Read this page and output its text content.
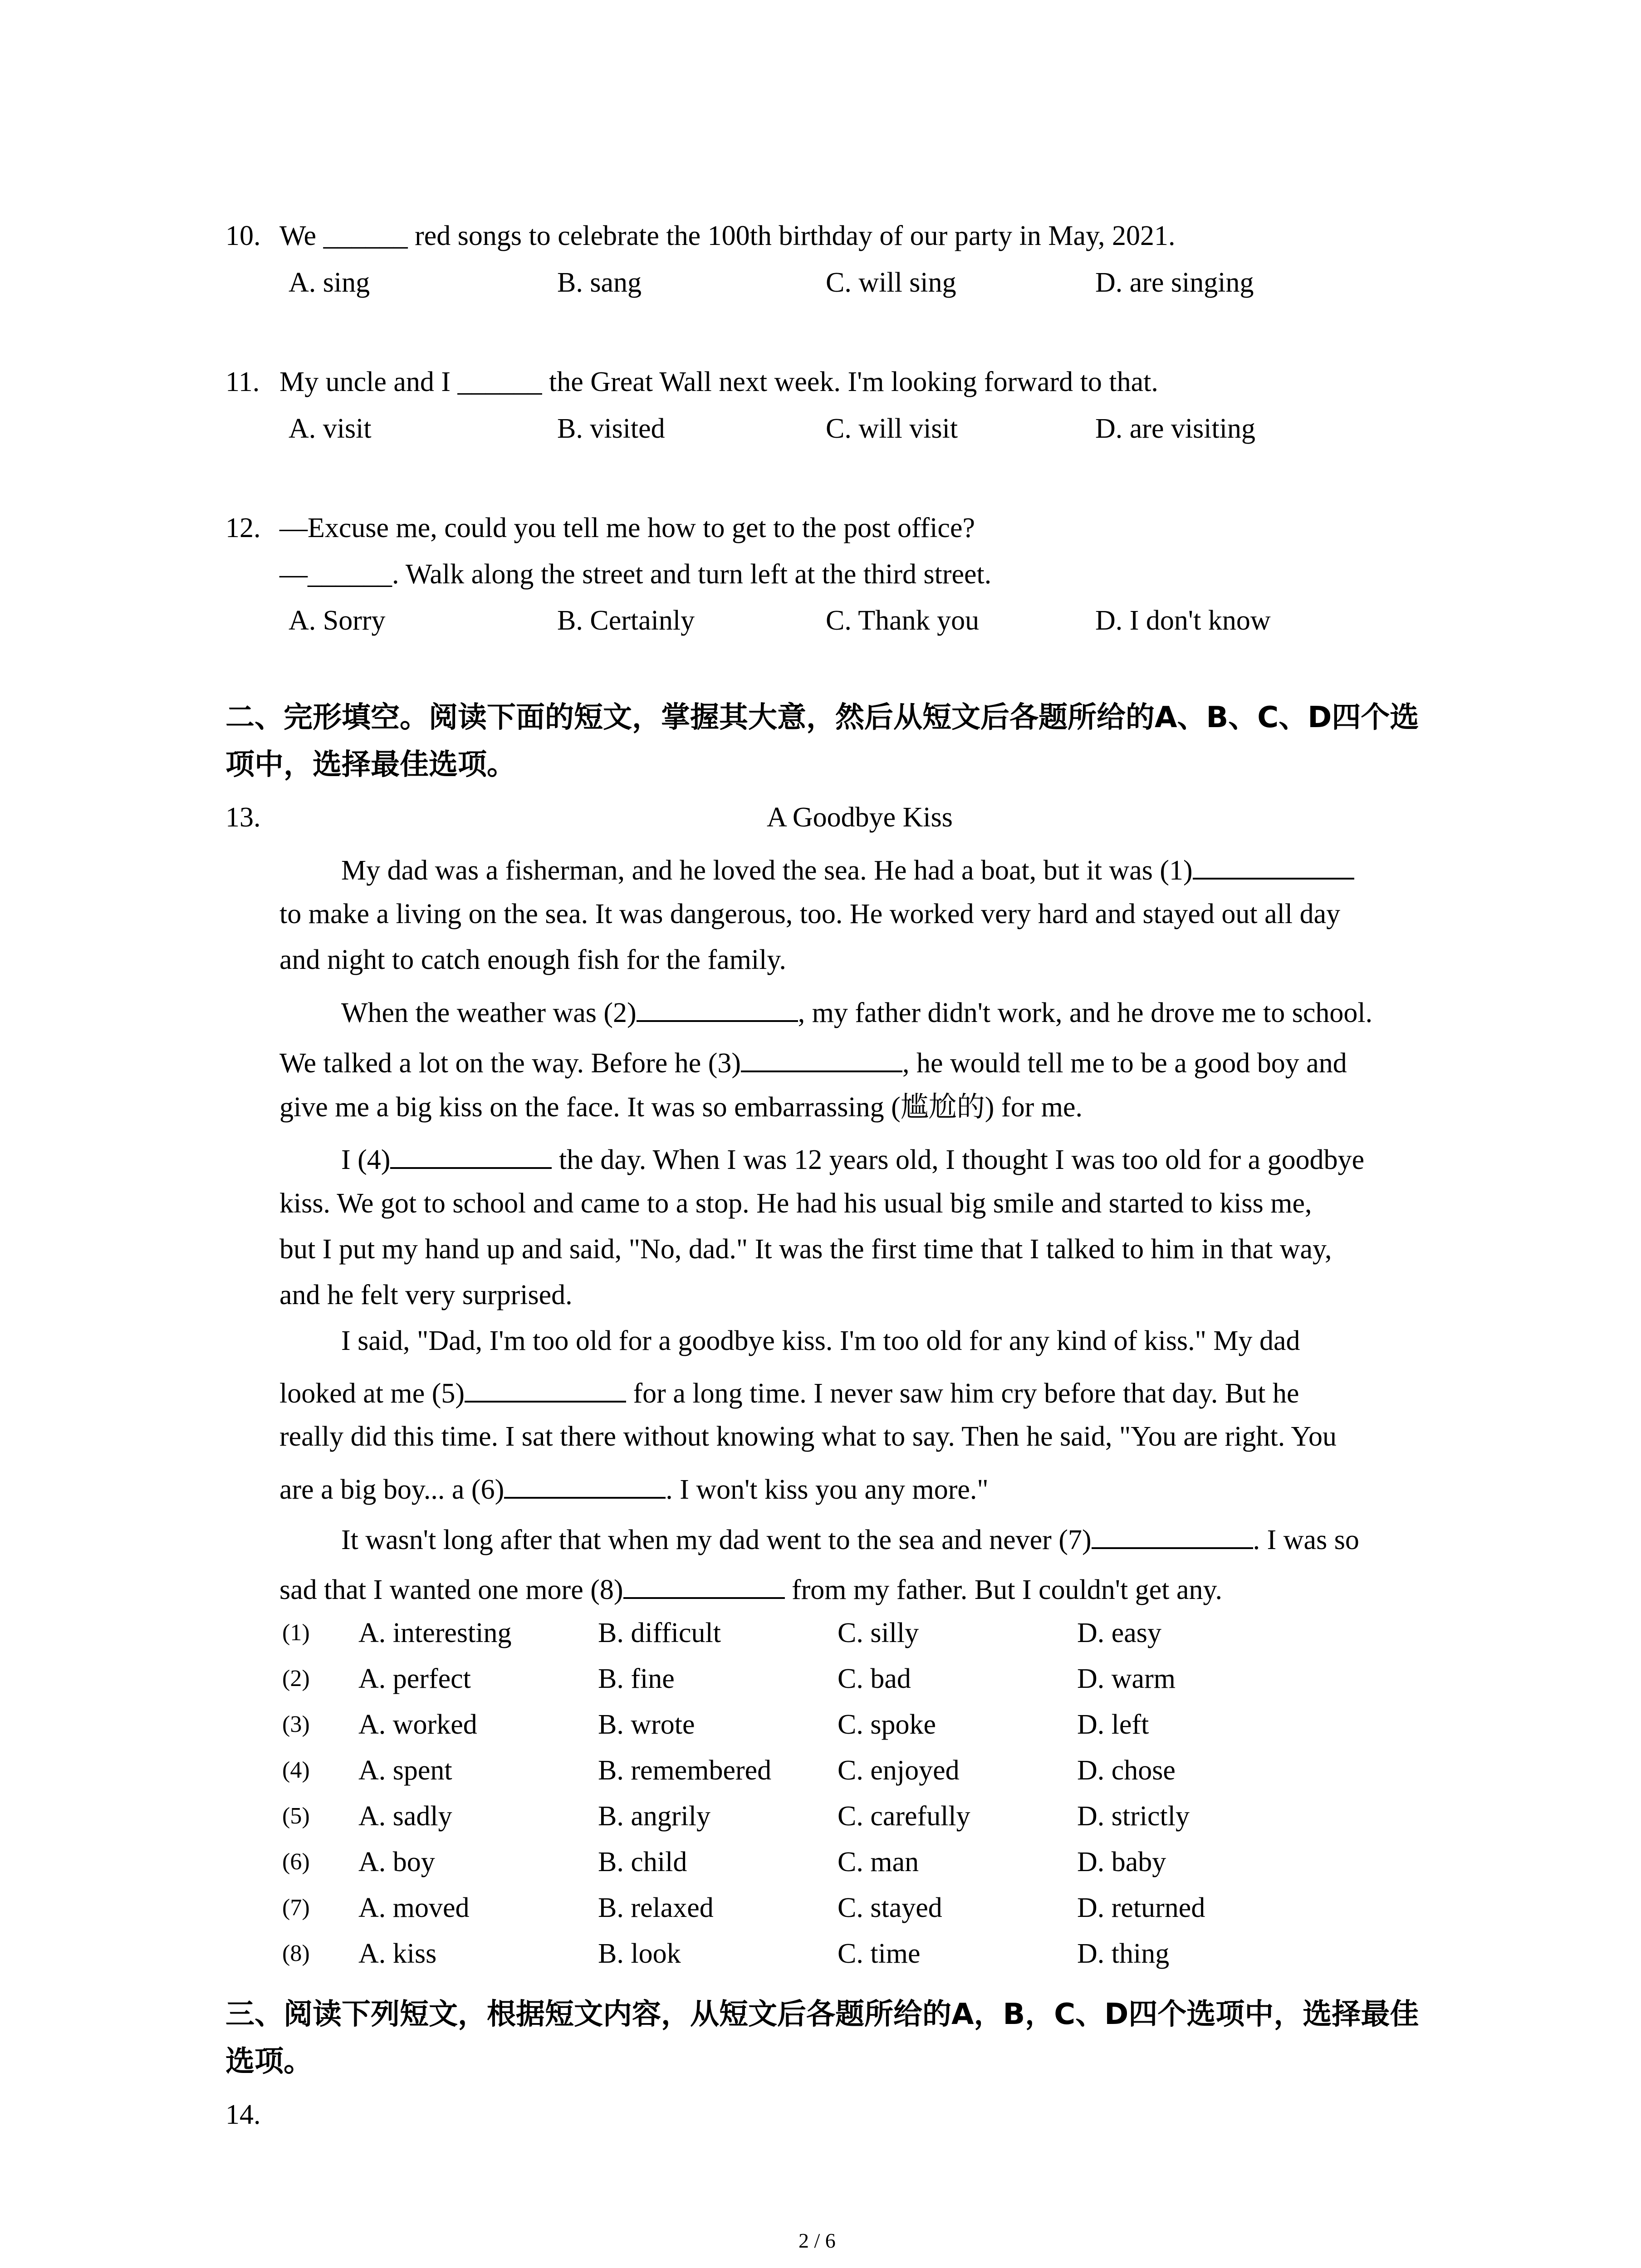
10. We ______ red songs to celebrate the 100th birthday of our party in May, 2021.
A. sing	B. sang	C. will sing	D. are singing
11. My uncle and I ______ the Great Wall next week. I'm looking forward to that.
A. visit	B. visited	C. will visit	D. are visiting
12. —Excuse me, could you tell me how to get to the post office?
—______. Walk along the street and turn left at the third street.
A. Sorry	B. Certainly	C. Thank you	D. I don't know
二、完形填空。阅读下面的短文，掌握其大意，然后从短文后各题所给的A、B、C、D四个选
项中，选择最佳选项。
13.	A Goodbye Kiss
My dad was a fisherman, and he loved the sea. He had a boat, but it was (1)
to make a living on the sea. It was dangerous, too. He worked very hard and stayed out all day
and night to catch enough fish for the family.
When the weather was (2)	, my father didn't work, and he drove me to school.
We talked a lot on the way. Before he (3)	, he would tell me to be a good boy and
give me a big kiss on the face. It was so embarrassing (尴尬的) for me.
I (4)	the day. When I was 12 years old, I thought I was too old for a goodbye
kiss. We got to school and came to a stop. He had his usual big smile and started to kiss me,
but I put my hand up and said, "No, dad." It was the first time that I talked to him in that way,
and he felt very surprised.
I said, "Dad, I'm too old for a goodbye kiss. I'm too old for any kind of kiss." My dad
looked at me (5)	for a long time. I never saw him cry before that day. But he
really did this time. I sat there without knowing what to say. Then he said, "You are right. You
are a big boy... a (6)	. I won't kiss you any more."
It wasn't long after that when my dad went to the sea and never (7)	. I was so
sad that I wanted one more (8)	from my father. But I couldn't get any.
(1) A. interesting	B. difficult	C. silly	D. easy
(2) A. perfect	B. fine	C. bad	D. warm
(3) A. worked	B. wrote	C. spoke	D. left
(4) A. spent	B. remembered C. enjoyed	D. chose
(5) A. sadly	B. angrily	C. carefully	D. strictly
(6) A. boy	B. child	C. man	D. baby
(7) A. moved	B. relaxed	C. stayed	D. returned
(8) A. kiss	B. look	C. time	D. thing
三、阅读下列短文，根据短文内容，从短文后各题所给的A，B，C、D四个选项中，选择最佳
选项。
14.
2 / 6
